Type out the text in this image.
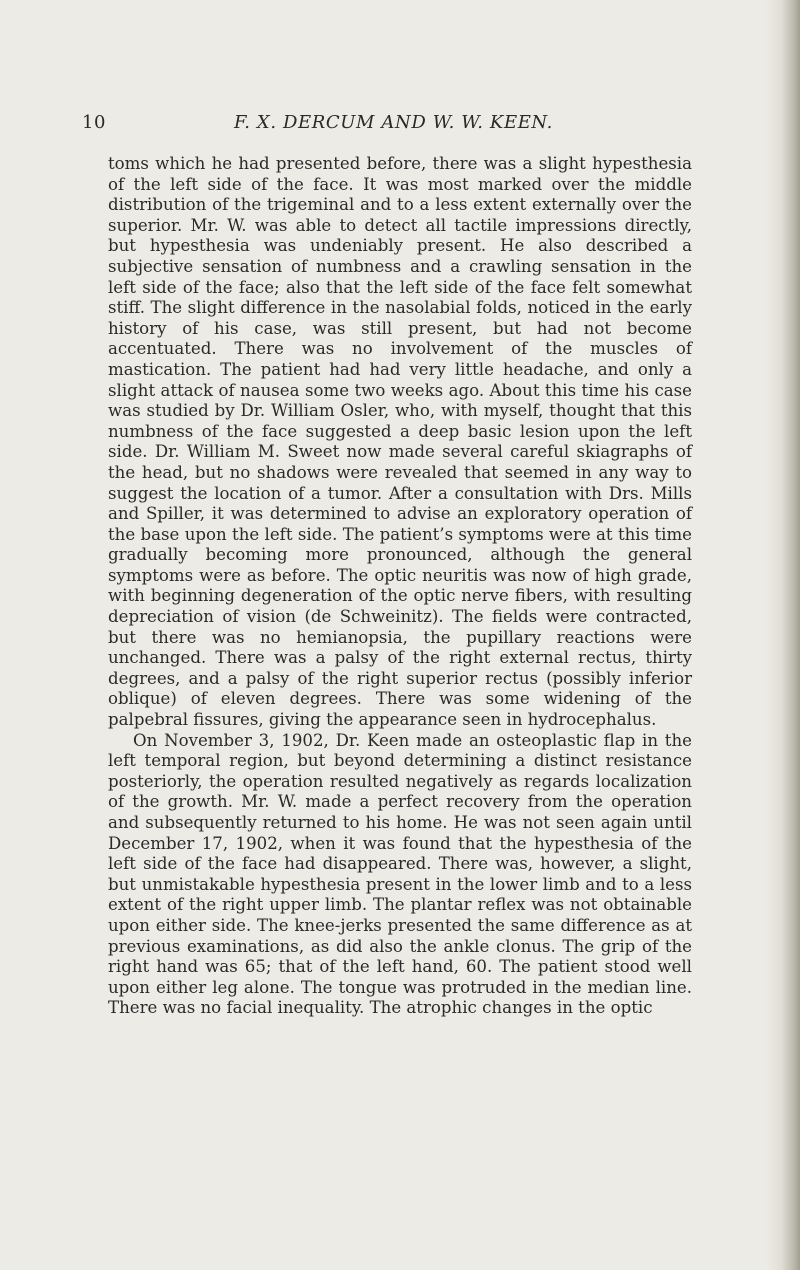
10	F. X. DERCUM AND W. W. KEEN.

toms which he had presented before, there was a slight hypesthesia of the left side of the face. It was most marked over the middle distribution of the trigeminal and to a less extent externally over the superior. Mr. W. was able to detect all tactile impressions directly, but hypesthesia was undeniably present. He also described a subjective sensation of numbness and a crawling sensation in the left side of the face; also that the left side of the face felt somewhat stiff. The slight difference in the nasolabial folds, noticed in the early history of his case, was still present, but had not become accentuated. There was no involvement of the muscles of mastication. The patient had had very little headache, and only a slight attack of nausea some two weeks ago. About this time his case was studied by Dr. William Osler, who, with myself, thought that this numbness of the face suggested a deep basic lesion upon the left side. Dr. William M. Sweet now made several careful skiagraphs of the head, but no shadows were revealed that seemed in any way to suggest the location of a tumor. After a consultation with Drs. Mills and Spiller, it was determined to advise an exploratory operation of the base upon the left side. The patient’s symptoms were at this time gradually becoming more pronounced, although the general symptoms were as before. The optic neuritis was now of high grade, with beginning degeneration of the optic nerve fibers, with resulting depreciation of vision (de Schweinitz). The fields were contracted, but there was no hemianopsia, the pupillary reactions were unchanged. There was a palsy of the right external rectus, thirty degrees, and a palsy of the right superior rectus (possibly inferior oblique) of eleven degrees. There was some widening of the palpebral fissures, giving the appearance seen in hydrocephalus.

On November 3, 1902, Dr. Keen made an osteoplastic flap in the left temporal region, but beyond determining a distinct resistance posteriorly, the operation resulted negatively as regards localization of the growth. Mr. W. made a perfect recovery from the operation and subsequently returned to his home. He was not seen again until December 17, 1902, when it was found that the hypesthesia of the left side of the face had disappeared. There was, however, a slight, but unmistakable hypesthesia present in the lower limb and to a less extent of the right upper limb. The plantar reflex was not obtainable upon either side. The knee-jerks presented the same difference as at previous examinations, as did also the ankle clonus. The grip of the right hand was 65; that of the left hand, 60. The patient stood well upon either leg alone. The tongue was protruded in the median line. There was no facial inequality. The atrophic changes in the optic
